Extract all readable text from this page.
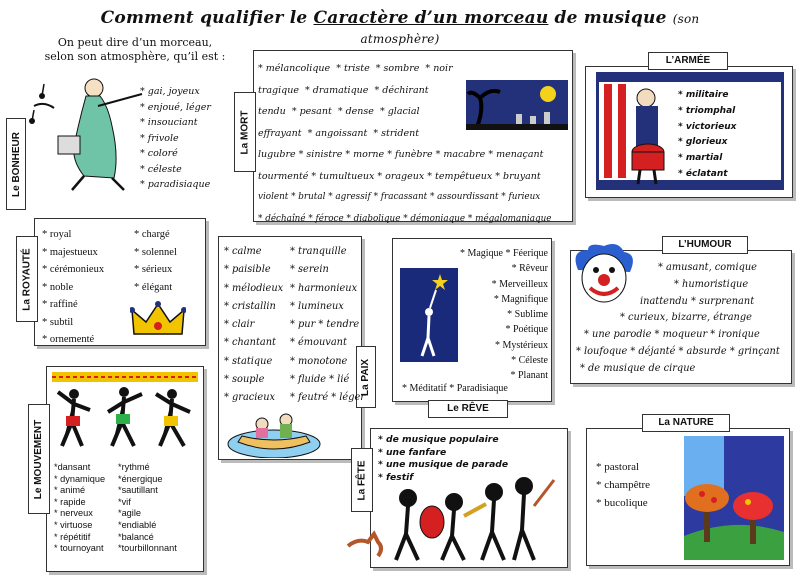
Comment qualifier le Caractère d’un morceau de musique (son atmosphère)
On peut dire d’un morceau,
selon son atmosphère, qu’il est :
Le BONHEUR
* gai, joyeux
* enjoué, léger
* insouciant
* frivole
* coloré
* céleste
* paradisiaque
La MORT
* mélancolique * triste * sombre * noir
tragique * dramatique * déchirant
tendu * pesant * dense * glacial
effrayant * angoissant * strident
lugubre * sinistre * morne * funèbre * macabre * menaçant
tourmenté * tumultueux * orageux * tempêtueux * bruyant
violent * brutal * agressif * fracassant * assourdissant * furieux
* déchaîné * féroce * diabolique * démoniaque * mégalomaniaque
L’ARMÉE
* militaire
* triomphal
* victorieux
* glorieux
* martial
* éclatant
La ROYAUTÉ
* royal
* majestueux
* cérémonieux
* noble
* raffiné
* subtil
* ornementé
* chargé
* solennel
* sérieux
* élégant
La PAIX
* calme
* paisible
* mélodieux
* cristallin
* clair
* chantant
* statique
* souple
* gracieux
* tranquille
* serein
* harmonieux
* lumineux
* pur * tendre
* émouvant
* monotone
* fluide * lié
* feutré * léger
Le RÊVE
* Magique * Féerique
* Rêveur
* Merveilleux
* Magnifique
* Sublime
* Poétique
* Mystérieux
* Céleste
* Planant
* Méditatif * Paradisiaque
L’HUMOUR
* amusant, comique
* humoristique
inattendu * surprenant
* curieux, bizarre, étrange
* une parodie * moqueur * ironique
* loufoque * déjanté * absurde * grinçant
* de musique de cirque
Le MOUVEMENT *dansant
* dynamique
* animé
* rapide
* nerveux
* virtuose
* répétitif
* tournoyant
*rythmé
*énergique
*sautillant
*vif
*agile
*endiablé
*balancé
*tourbillonnant
La FÊTE
* de musique populaire
* une fanfare
* une musique de parade
* festif
La NATURE
* pastoral
* champêtre
* bucolique
